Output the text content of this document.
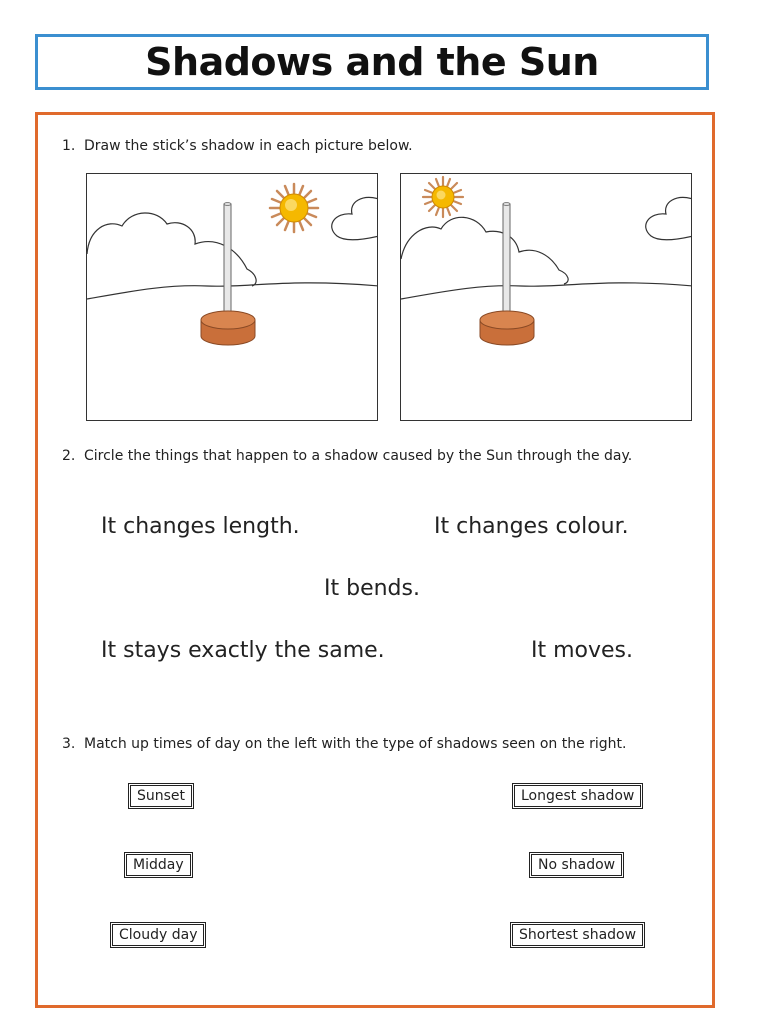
Shadows and the Sun
1. Draw the stick’s shadow in each picture below.
2. Circle the things that happen to a shadow caused by the Sun through the day.
It changes length.	It changes colour.
It bends.
It stays exactly the same.	It moves.
3. Match up times of day on the left with the type of shadows seen on the right.
Sunset
Midday
Cloudy day
Longest shadow
No shadow
Shortest shadow
